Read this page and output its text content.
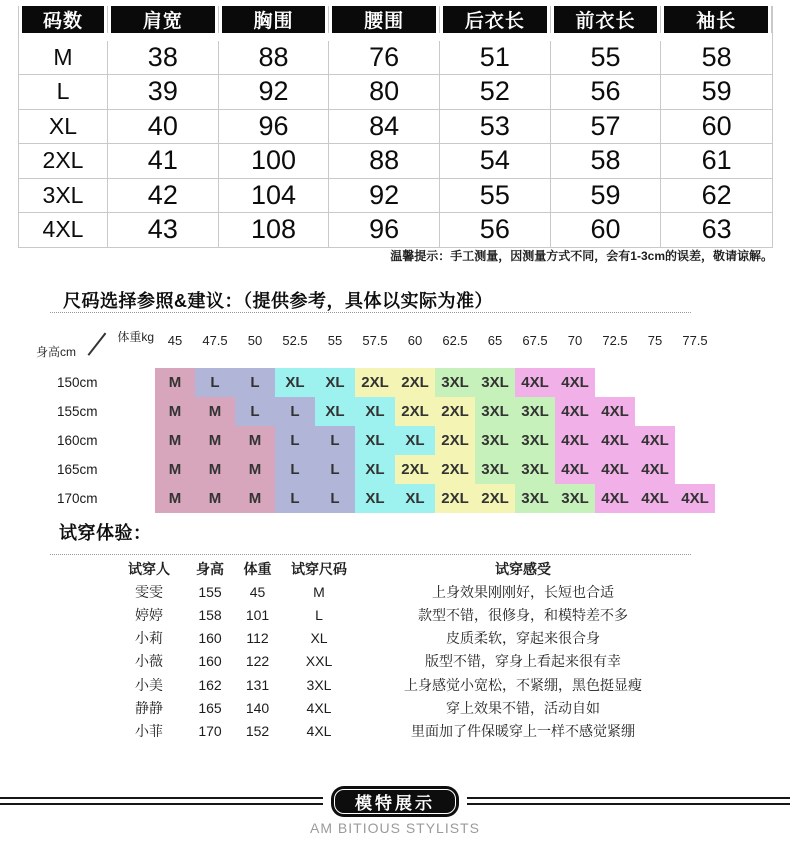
码数	肩宽	胸围	腰围	后衣长	前衣长	袖长
M	38	88	76	51	55	58
L	39	92	80	52	56	59
XL	40	96	84	53	57	60
2XL	41	100	88	54	58	61
3XL	42	104	92	55	59	62
4XL	43	108	96	56	60	63
温馨提示：手工测量，因测量方式不同，会有1-3cm的误差，敬请谅解。
尺码选择参照&建议：（提供参考，具体以实际为准）
体重kg
身高cm
45	47.5	50	52.5	55	57.5	60	62.5	65	67.5	70	72.5	75	77.5
150cm
155cm
160cm
165cm
170cm
M	L	L	XL	XL	2XL 2XL 3XL 3XL 4XL 4XL
M	M	L	L	XL	XL	2XL 2XL 3XL 3XL 4XL 4XL
M	M	M	L	L	XL	XL	2XL 3XL 3XL 4XL 4XL 4XL
M	M	M	L	L	XL	2XL 2XL 3XL 3XL 4XL 4XL 4XL
M	M	M	L	L	XL	XL	2XL 2XL 3XL 3XL 4XL 4XL 4XL
试穿体验：
试穿人	身高	体重	试穿尺码	试穿感受
雯雯	155	45	M	上身效果刚刚好，长短也合适
婷婷	158	101	L	款型不错，很修身，和模特差不多
小莉	160	112	XL	皮质柔软，穿起来很合身
小薇	160	122	XXL	版型不错，穿身上看起来很有幸
小美	162	131	3XL	上身感觉小宽松，不紧绷，黑色挺显瘦
静静	165	140	4XL	穿上效果不错，活动自如
小菲	170	152	4XL	里面加了件保暖穿上一样不感觉紧绷
模特展示
AM BITIOUS STYLISTS
